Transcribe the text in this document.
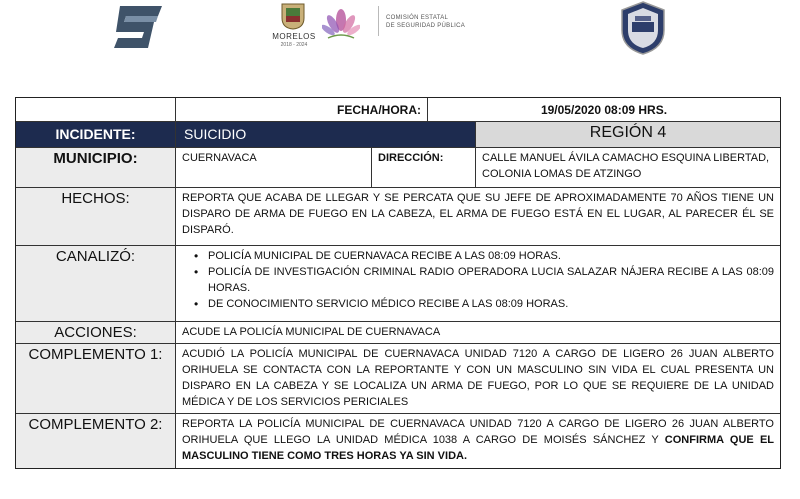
MORELOS
2018 - 2024
COMISIÓN ESTATAL
DE SEGURIDAD PÚBLICA
FECHA/HORA:	19/05/2020 08:09 HRS.
INCIDENTE:	SUICIDIO	REGIÓN 4
MUNICIPIO:	CUERNAVACA	DIRECCIÓN:	CALLE MANUEL ÁVILA CAMACHO ESQUINA LIBERTAD, COLONIA LOMAS DE ATZINGO
HECHOS:	REPORTA QUE ACABA DE LLEGAR Y SE PERCATA QUE SU JEFE DE APROXIMADAMENTE 70 AÑOS TIENE UN DISPARO DE ARMA DE FUEGO EN LA CABEZA, EL ARMA DE FUEGO ESTÁ EN EL LUGAR, AL PARECER ÉL SE DISPARÓ.
CANALIZÓ:
•	POLICÍA MUNICIPAL DE CUERNAVACA RECIBE A LAS 08:09 HORAS.
• POLICÍA DE INVESTIGACIÓN CRIMINAL RADIO OPERADORA LUCIA SALAZAR NÁJERA RECIBE A LAS 08:09 HORAS.
• DE CONOCIMIENTO SERVICIO MÉDICO RECIBE A LAS 08:09 HORAS.
ACCIONES:	ACUDE LA POLICÍA MUNICIPAL DE CUERNAVACA
COMPLEMENTO 1:	ACUDIÓ LA POLICÍA MUNICIPAL DE CUERNAVACA UNIDAD 7120 A CARGO DE LIGERO 26 JUAN ALBERTO ORIHUELA SE CONTACTA CON LA REPORTANTE Y CON UN MASCULINO SIN VIDA EL CUAL PRESENTA UN DISPARO EN LA CABEZA Y SE LOCALIZA UN ARMA DE FUEGO, POR LO QUE SE REQUIERE DE LA UNIDAD MÉDICA Y DE LOS SERVICIOS PERICIALES
COMPLEMENTO 2:	REPORTA LA POLICÍA MUNICIPAL DE CUERNAVACA UNIDAD 7120 A CARGO DE LIGERO 26 JUAN ALBERTO ORIHUELA QUE LLEGO LA UNIDAD MÉDICA 1038 A CARGO DE MOISÉS SÁNCHEZ Y CONFIRMA QUE EL MASCULINO TIENE COMO TRES HORAS YA SIN VIDA.
